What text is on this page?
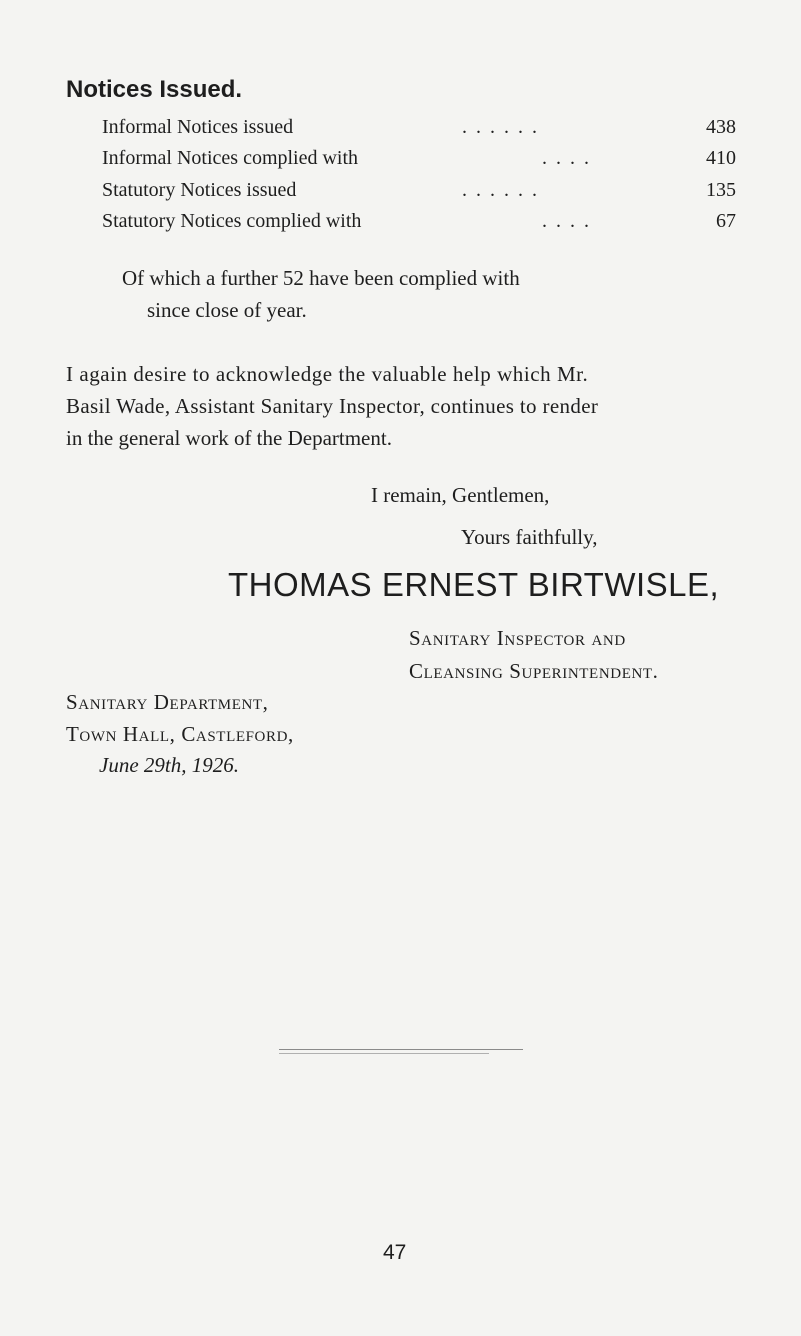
Notices Issued.
Informal Notices issued	. . . . . .	438
Informal Notices complied with	. . . .	410
Statutory Notices issued	. . . . . .	135
Statutory Notices complied with	. . . .	67
Of which a further 52 have been complied with
since close of year.
I again desire to acknowledge the valuable help which Mr.
Basil Wade, Assistant Sanitary Inspector, continues to render
in the general work of the Department.
I remain, Gentlemen,
Yours faithfully,
THOMAS ERNEST BIRTWISLE,
Sanitary Inspector and
Cleansing Superintendent.
Sanitary Department,
Town Hall, Castleford,
June 29th, 1926.
47
